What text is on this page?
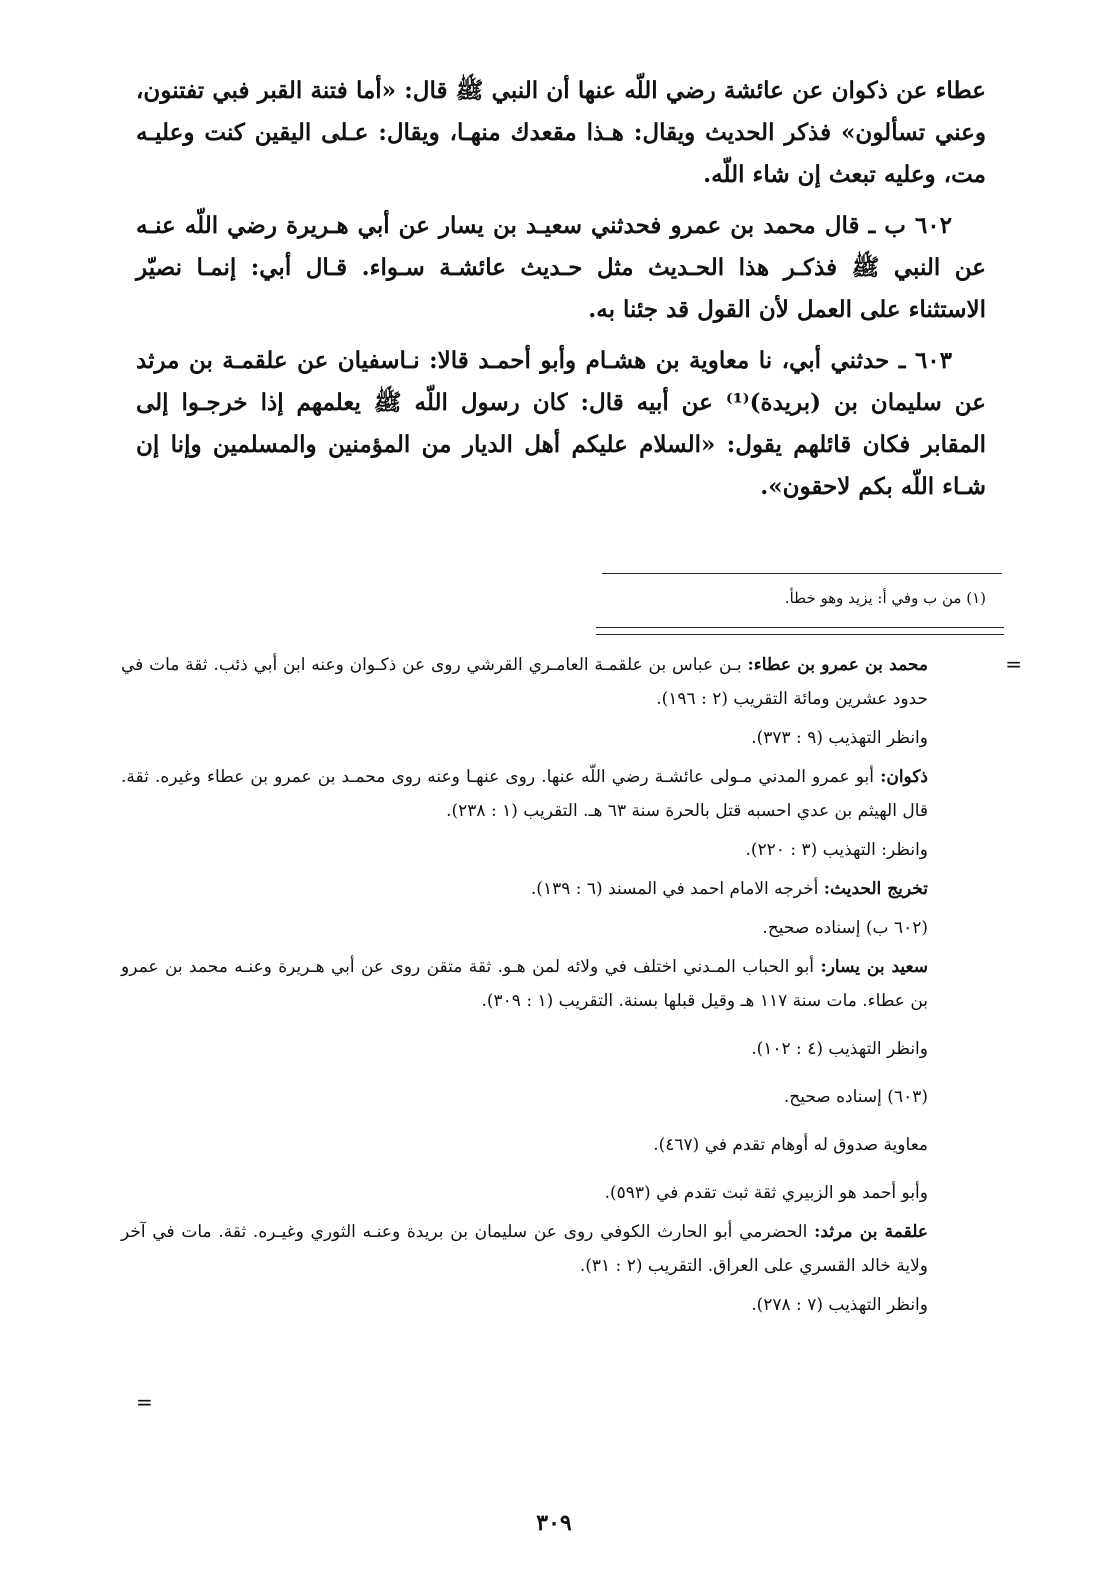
عطاء عن ذكوان عن عائشة رضي اللّه عنها أن النبي ﷺ قال: «أما فتنة القبر فبي تفتنون، وعني تسألون» فذكر الحديث ويقال: هـذا مقعدك منهـا، ويقال: عـلى اليقين كنت وعليـه مت، وعليه تبعث إن شاء اللّه.

٦٠٢ ب ـ قال محمد بن عمرو فحدثني سعيـد بن يسار عن أبي هـريرة رضي اللّه عنـه عن النبي ﷺ فذكـر هذا الحـديث مثل حـديث عائشـة سـواء. قـال أبي: إنمـا نصيّر الاستثناء على العمل لأن القول قد جئنا به.

٦٠٣ ـ حدثني أبي، نا معاوية بن هشـام وأبو أحمـد قالا: نـاسفيان عن علقمـة بن مرثد عن سليمان بن (بريدة)⁽¹⁾ عن أبيه قال: كان رسول اللّه ﷺ يعلمهم إذا خرجـوا إلى المقابر فكان قائلهم يقول: «السلام عليكم أهل الديار من المؤمنين والمسلمين وإنا إن شـاء اللّه بكم لاحقون».

(١) من ب وفي أ: يزيد وهو خطأ.
=

محمد بن عمرو بن عطاء: بـن عباس بن علقمـة العامـري القرشي روى عن ذكـوان وعنه ابن أبي ذئب. ثقة مات في حدود عشرين ومائة التقريب (٢ : ١٩٦).

وانظر التهذيب (٩ : ٣٧٣).

ذكوان: أبو عمرو المدني مـولى عائشـة رضي اللّه عنها. روى عنهـا وعنه روى محمـد بن عمرو بن عطاء وغيره. ثقة. قال الهيثم بن عدي احسبه قتل بالحرة سنة ٦٣ هـ. التقريب (١ : ٢٣٨).

وانظر: التهذيب (٣ : ٢٢٠).

تخريج الحديث: أخرجه الامام احمد في المسند (٦ : ١٣٩).

(٦٠٢ ب) إسناده صحيح.

سعيد بن يسار: أبو الحباب المـدني اختلف في ولائه لمن هـو. ثقة متقن روى عن أبي هـريرة وعنـه محمد بن عمرو بن عطاء. مات سنة ١١٧ هـ وقيل قبلها بسنة. التقريب (١ : ٣٠٩).

وانظر التهذيب (٤ : ١٠٢).

(٦٠٣) إسناده صحيح.

معاوية صدوق له أوهام تقدم في (٤٦٧).

وأبو أحمد هو الزبيري ثقة ثبت تقدم في (٥٩٣).

علقمة بن مرثد: الحضرمي أبو الحارث الكوفي روى عن سليمان بن بريدة وعنـه الثوري وغيـره. ثقة. مات في آخر ولاية خالد القسري على العراق. التقريب (٢ : ٣١).

وانظر التهذيب (٧ : ٢٧٨).

=
٣٠٩
